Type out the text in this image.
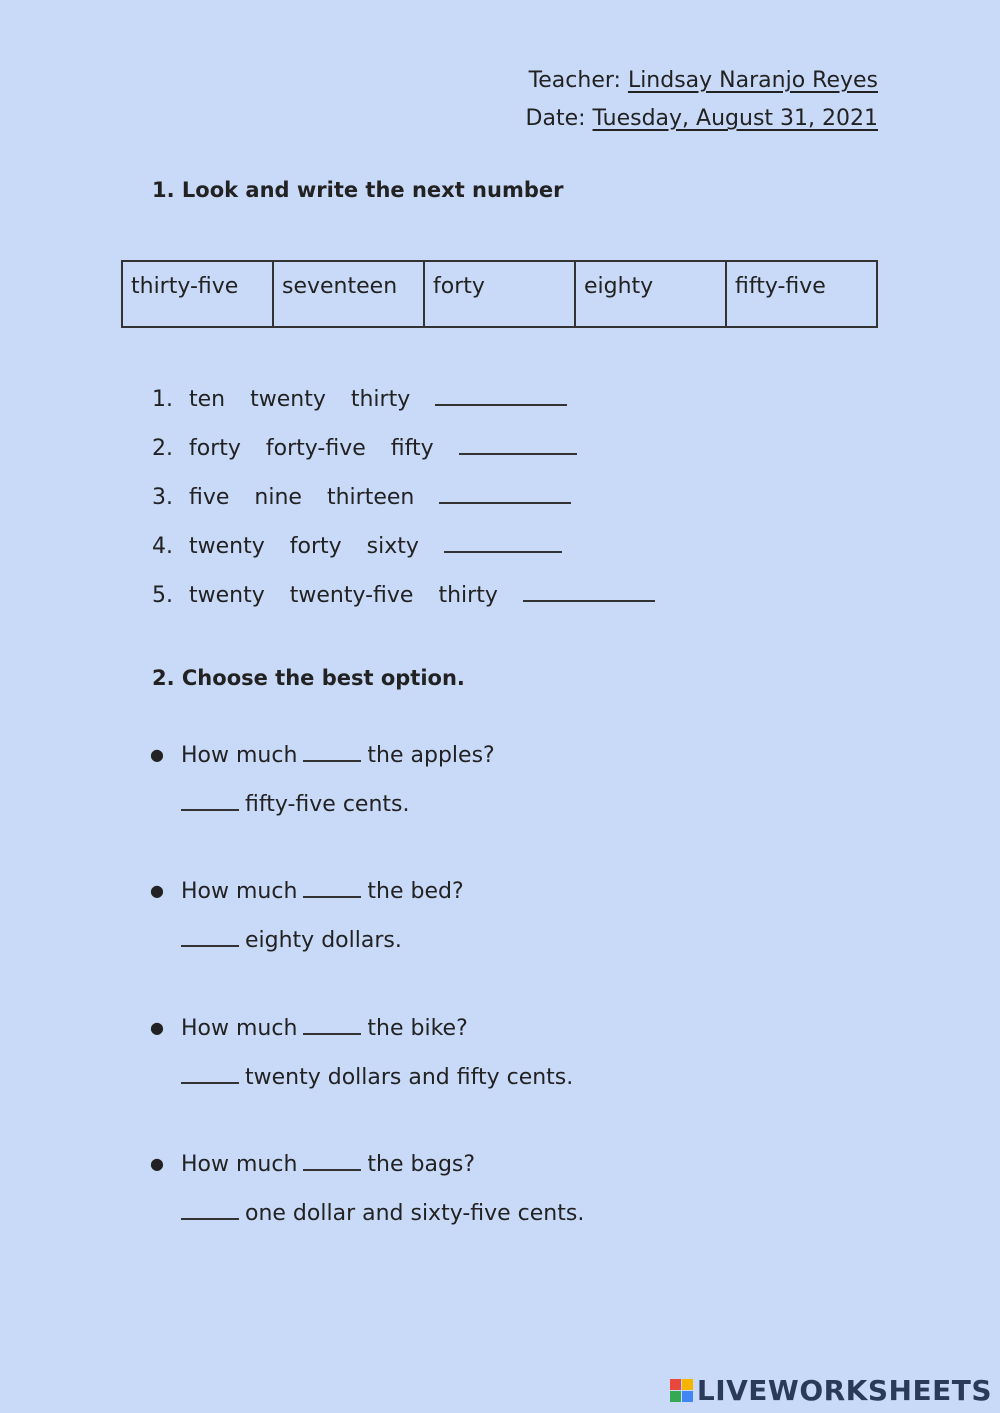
Teacher: Lindsay Naranjo Reyes
Date: Tuesday, August 31, 2021
1. Look and write the next number
thirty-five	seventeen	forty	eighty	fifty-five
1. ten twenty thirty
2. forty forty-five fifty
3. five nine thirteen
4. twenty forty sixty
5. twenty twenty-five thirty
2. Choose the best option.
● How much	the apples?
fifty-five cents.
● How much	the bed?
eighty dollars.
● How much	the bike?
twenty dollars and fifty cents.
● How much	the bags?
one dollar and sixty-five cents.
LIVEWORKSHEETS
